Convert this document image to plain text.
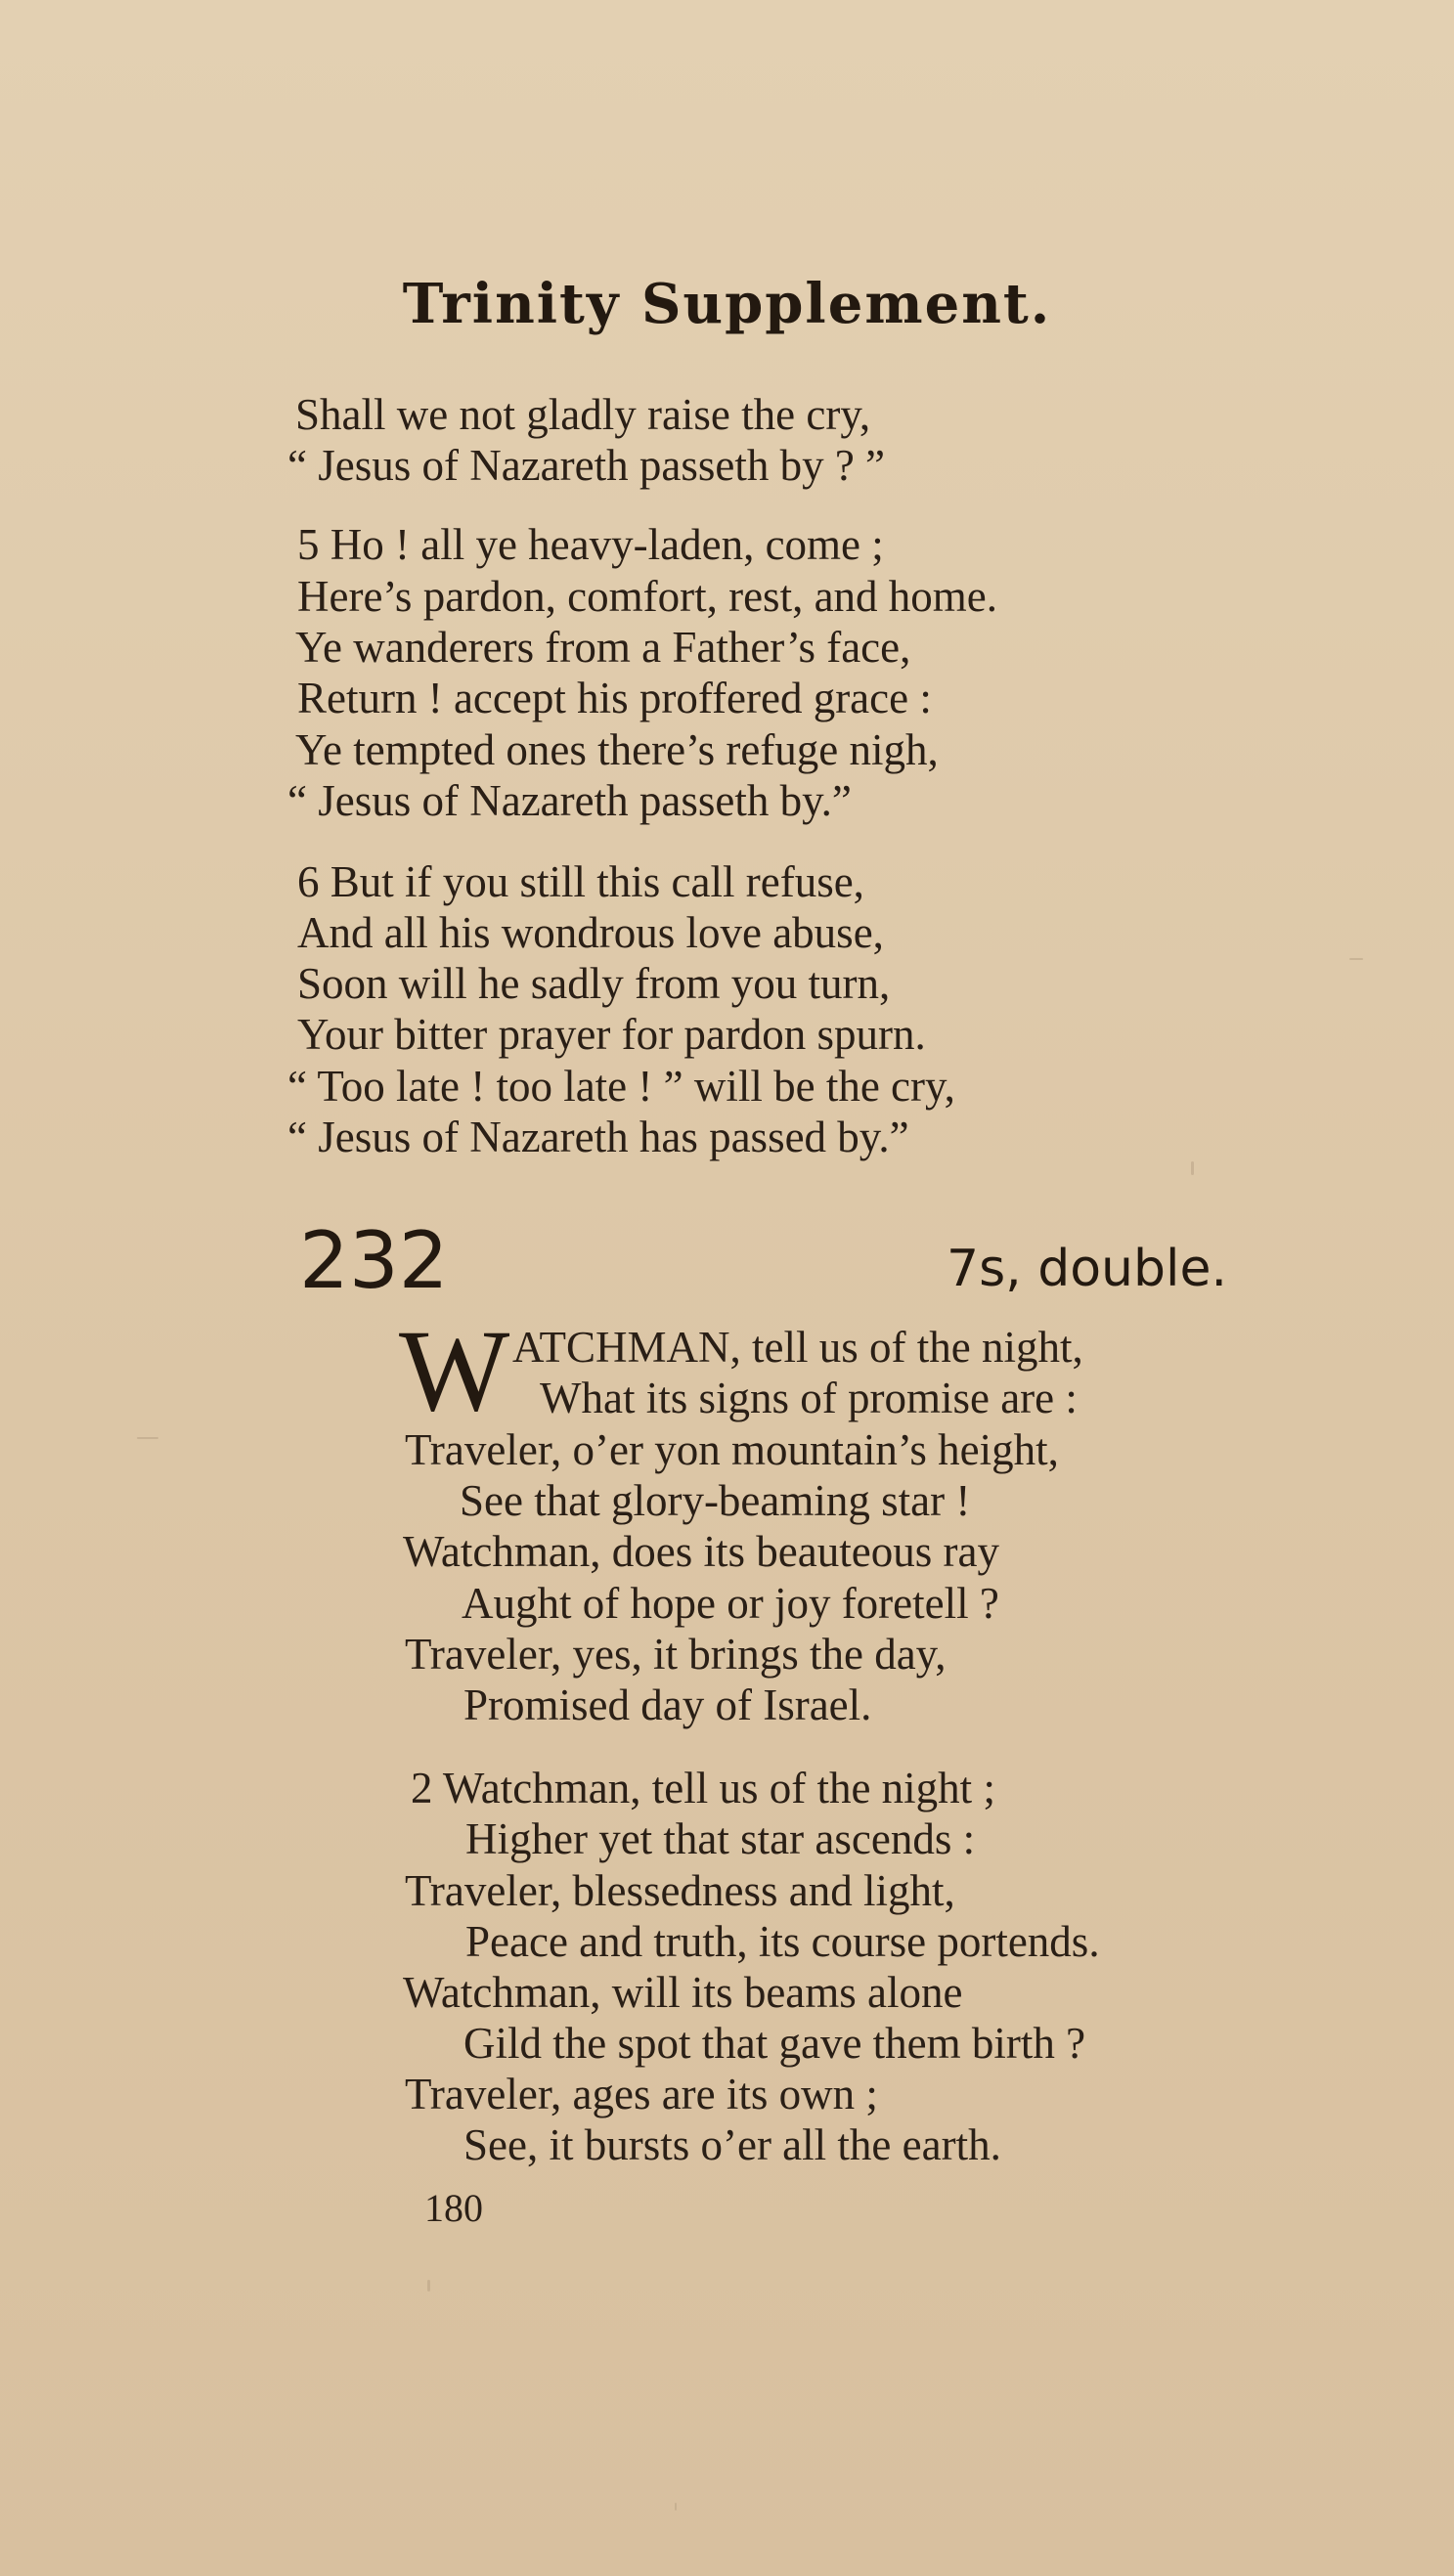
Trinity Supplement.
Shall we not gladly raise the cry,
“ Jesus of Nazareth passeth by ? ”
5 Ho ! all ye heavy-laden, come ;
Here’s pardon, comfort, rest, and home.
Ye wanderers from a Father’s face,
Return ! accept his proffered grace :
Ye tempted ones there’s refuge nigh,
“ Jesus of Nazareth passeth by.”
6 But if you still this call refuse,
And all his wondrous love abuse,
Soon will he sadly from you turn,
Your bitter prayer for pardon spurn.
“ Too late ! too late ! ” will be the cry,
“ Jesus of Nazareth has passed by.”
232	7s, double.
W ATCHMAN, tell us of the night,
What its signs of promise are :
Traveler, o’er yon mountain’s height,
See that glory-beaming star !
Watchman, does its beauteous ray
Aught of hope or joy foretell ?
Traveler, yes, it brings the day,
Promised day of Israel.
2 Watchman, tell us of the night ;
Higher yet that star ascends :
Traveler, blessedness and light,
Peace and truth, its course portends.
Watchman, will its beams alone
Gild the spot that gave them birth ?
Traveler, ages are its own ;
See, it bursts o’er all the earth.
180
